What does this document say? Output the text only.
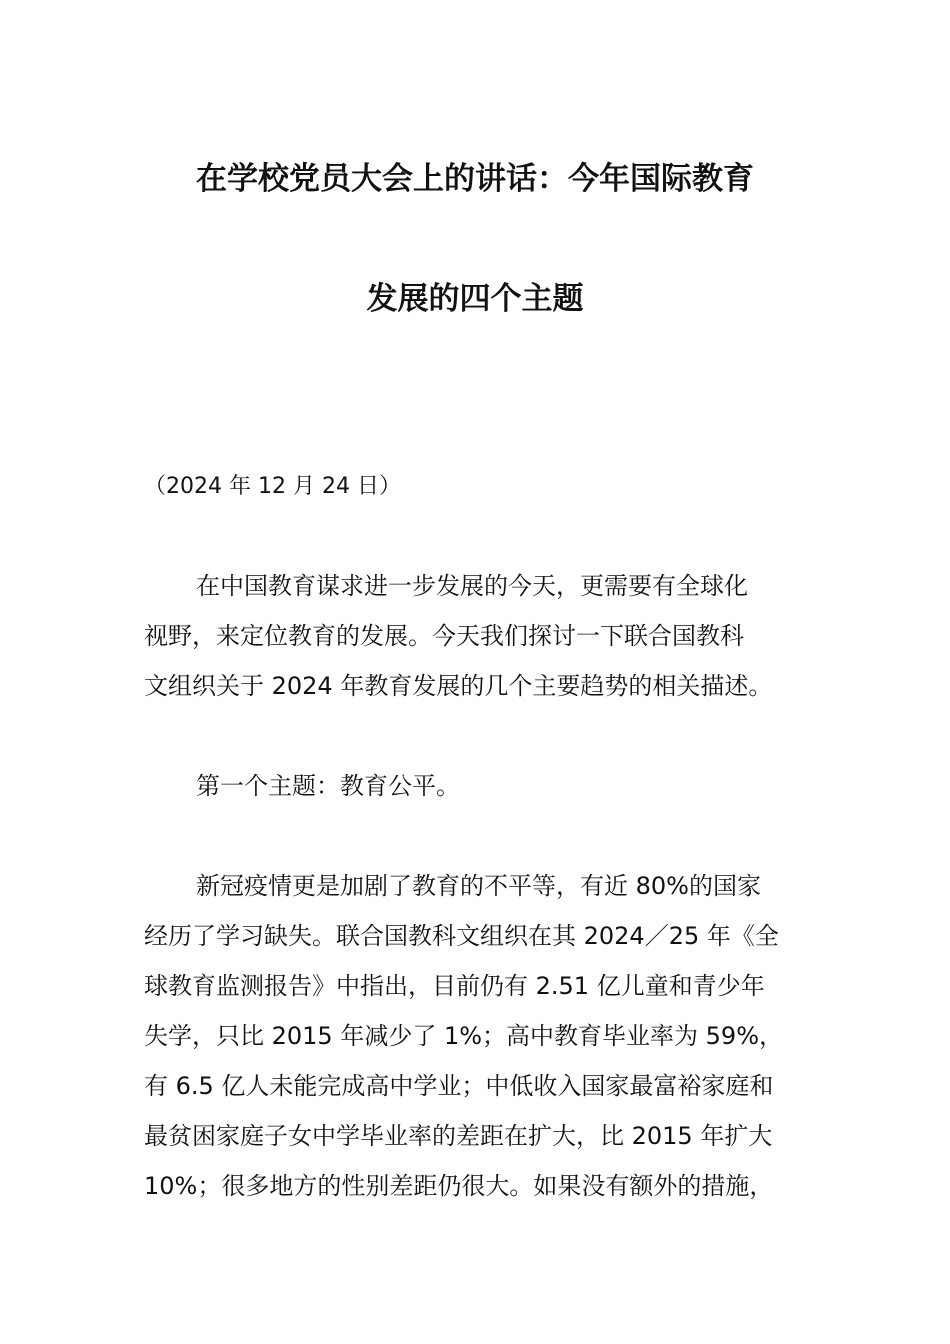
在学校党员大会上的讲话：今年国际教育
发展的四个主题
（2024 年 12 月 24 日）
在中国教育谋求进一步发展的今天，更需要有全球化
视野，来定位教育的发展。今天我们探讨一下联合国教科
文组织关于 2024 年教育发展的几个主要趋势的相关描述。
第一个主题：教育公平。
新冠疫情更是加剧了教育的不平等，有近 80%的国家
经历了学习缺失。联合国教科文组织在其 2024／25 年《全
球教育监测报告》中指出，目前仍有 2.51 亿儿童和青少年
失学，只比 2015 年减少了 1%；高中教育毕业率为 59%，
有 6.5 亿人未能完成高中学业；中低收入国家最富裕家庭和
最贫困家庭子女中学毕业率的差距在扩大，比 2015 年扩大
10%；很多地方的性别差距仍很大。如果没有额外的措施，
